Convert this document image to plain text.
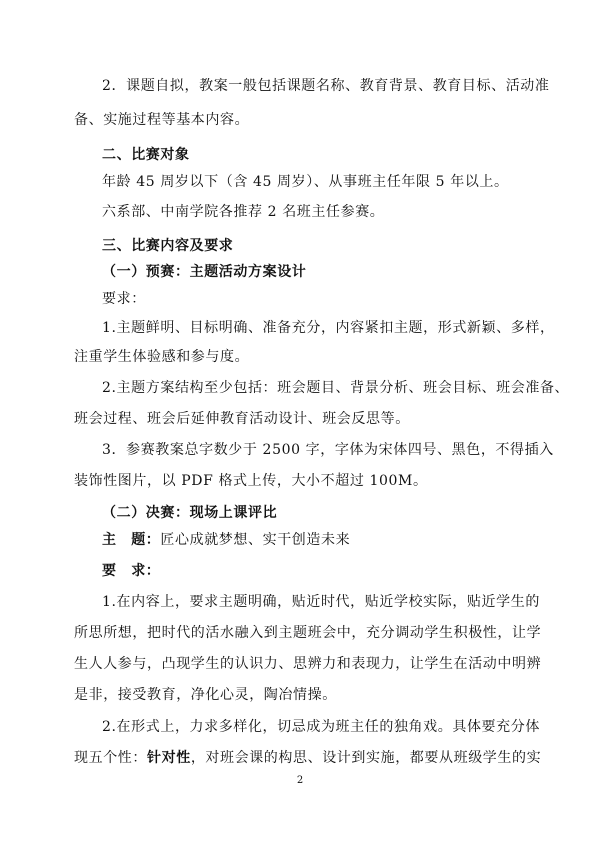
2．课题自拟，教案一般包括课题名称、教育背景、教育目标、活动准
备、实施过程等基本内容。
二、比赛对象
年龄 45 周岁以下（含 45 周岁）、从事班主任年限 5 年以上。
六系部、中南学院各推荐 2 名班主任参赛。
三、比赛内容及要求
（一）预赛：主题活动方案设计
要求：
1.主题鲜明、目标明确、准备充分，内容紧扣主题，形式新颖、多样，
注重学生体验感和参与度。
2.主题方案结构至少包括：班会题目、背景分析、班会目标、班会准备、
班会过程、班会后延伸教育活动设计、班会反思等。
3．参赛教案总字数少于 2500 字，字体为宋体四号、黑色，不得插入
装饰性图片，以 PDF 格式上传，大小不超过 100M。
（二）决赛：现场上课评比
主　题：匠心成就梦想、实干创造未来
要　求：
1.在内容上，要求主题明确，贴近时代，贴近学校实际，贴近学生的
所思所想，把时代的活水融入到主题班会中，充分调动学生积极性，让学
生人人参与，凸现学生的认识力、思辨力和表现力，让学生在活动中明辨
是非，接受教育，净化心灵，陶冶情操。
2.在形式上，力求多样化，切忌成为班主任的独角戏。具体要充分体
现五个性：针对性，对班会课的构思、设计到实施，都要从班级学生的实
2
